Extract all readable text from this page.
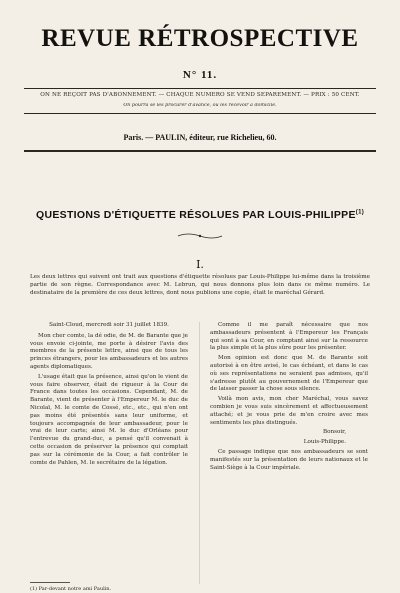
REVUE RÉTROSPECTIVE
N° 11.
ON NE REÇOIT PAS D'ABONNEMENT. — CHAQUE NUMÉRO SE VEND SÉPARÉMENT. — PRIX : 50 CENT.
On pourra se les procurer d'avance, ou les recevoir à domicile.
Paris. — PAULIN, éditeur, rue Richelieu, 60.
QUESTIONS D'ÉTIQUETTE RÉSOLUES PAR LOUIS-PHILIPPE$^{(1)}$
I.
Les deux lettres qui suivent ont trait aux questions d'étiquette résolues par Louis-Philippe lui-même dans la troisième partie de son règne. Correspondance avec M. Lebrun, qui nous donnons plus loin dans ce même numéro. Le destinataire de la première de ces deux lettres, dont nous publions une copie, était le maréchal Gérard.
Saint-Cloud, mercredi soir 31 juillet 1839.

Mon cher comte, la dé odie, de M. de Barante que je vous envoie ci-jointe, me porte à désirer l'avis des membres de la présente lettre, ainsi que de tous les princes étrangers, pour les ambassadeurs et les autres agents diplomatiques.

L'usage était que la présence, ainsi qu'on le vient de vous faire observer, était de rigueur à la Cour de France dans toutes les occasions. Cependant, M. de Barante, vient de présenter à l'Empereur M. le duc de Nicolaï, M. le comte de Cossé, etc., etc., qui n'en ont pas moins été présentés sans leur uniforme, et toujours accompagnés de leur ambassadeur, pour le vrai de leur carte; ainsi M. le duc d'Orléans pour l'entrevue du grand-duc, a pensé qu'il convenait à cette occasion de préserver la présence qui comptait pas sur la cérémonie de la Cour, a fait contrôler le comte de Pahlen, M. le secrétaire de la légation.

Comme il me paraît nécessaire que nos ambassadeurs présentent à l'Empereur les Français qui sont à sa Cour, en comptant ainsi sur la ressource la plus simple et la plus sûre pour les présenter.

Mon opinion est donc que M. de Barante soit autorisé à en être avisé, le cas échéant, et dans le cas où ses représentations ne seraient pas admises, qu'il s'adresse plutôt au gouvernement de l'Empereur que de laisser passer la chose sous silence.

Voilà mon avis, mon cher Maréchal, vous savez combien je vous suis sincèrement et affectueusement attaché; et je vous prie de m'en croire avec mes sentiments les plus distingués.

Bonsoir,

Louis-Philippe.

Ce passage indique que nos ambassadeurs se sont manifestés sur la présentation de leurs nationaux et le Saint-Siège à la Cour impériale.

(1) Par-devant notre ami Paulin.
